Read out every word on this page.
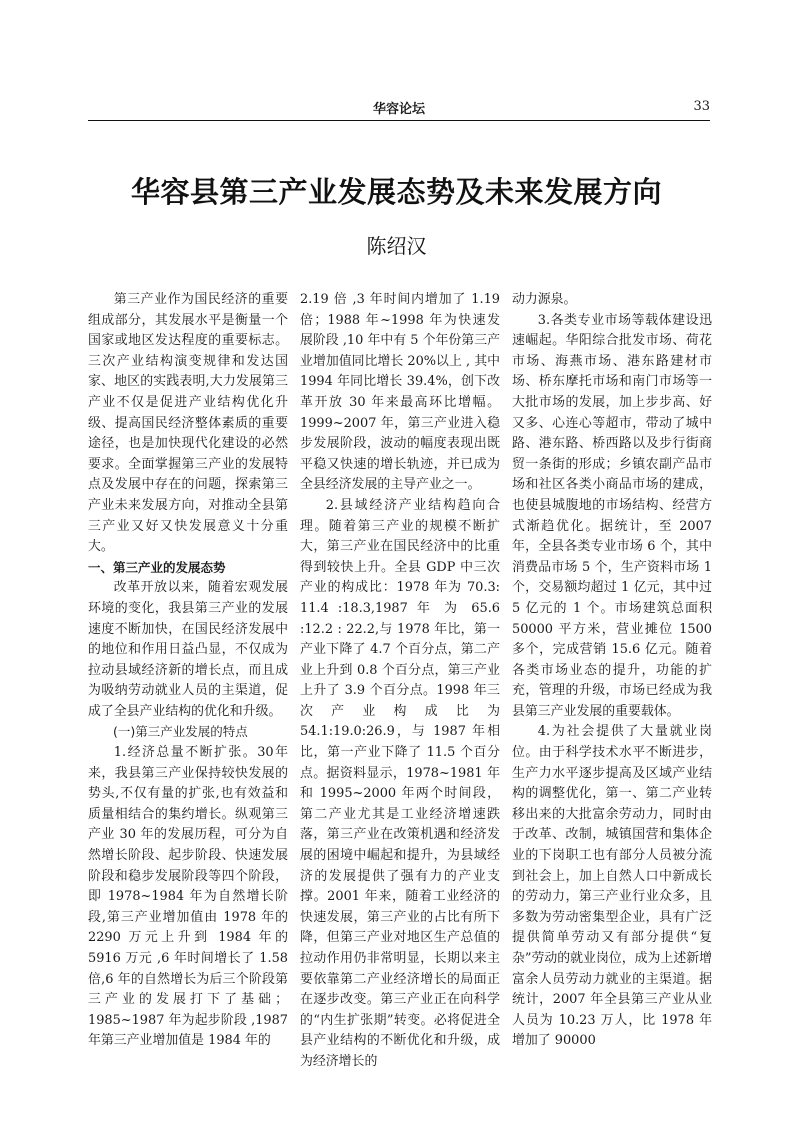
华容论坛	33
华容县第三产业发展态势及未来发展方向
陈绍汉

第三产业作为国民经济的重要组成部分，其发展水平是衡量一个国家或地区发达程度的重要标志。三次产业结构演变规律和发达国家、地区的实践表明,大力发展第三产业不仅是促进产业结构优化升级、提高国民经济整体素质的重要途径，也是加快现代化建设的必然要求。全面掌握第三产业的发展特点及发展中存在的问题，探索第三产业未来发展方向，对推动全县第三产业又好又快发展意义十分重大。

一、第三产业的发展态势

改革开放以来，随着宏观发展环境的变化，我县第三产业的发展速度不断加快，在国民经济发展中的地位和作用日益凸显，不仅成为拉动县域经济新的增长点，而且成为吸纳劳动就业人员的主渠道，促成了全县产业结构的优化和升级。

(一)第三产业发展的特点

1.经济总量不断扩张。30年来，我县第三产业保持较快发展的势头,不仅有量的扩张,也有效益和质量相结合的集约增长。纵观第三产业 30 年的发展历程，可分为自然增长阶段、起步阶段、快速发展阶段和稳步发展阶段等四个阶段，即 1978~1984 年为自然增长阶段,第三产业增加值由 1978 年的 2290 万元上升到 1984 年的 5916 万元 ,6 年时间增长了 1.58 倍,6 年的自然增长为后三个阶段第三产业的发展打下了基础；1985~1987 年为起步阶段 ,1987 年第三产业增加值是 1984 年的

2.19 倍 ,3 年时间内增加了 1.19 倍；1988 年~1998 年为快速发展阶段 ,10 年中有 5 个年份第三产业增加值同比增长 20%以上 , 其中 1994 年同比增长 39.4%，创下改革开放 30 年来最高环比增幅。1999~2007 年，第三产业进入稳步发展阶段，波动的幅度表现出既平稳又快速的增长轨迹，并已成为全县经济发展的主导产业之一。

2.县域经济产业结构趋向合理。随着第三产业的规模不断扩大，第三产业在国民经济中的比重得到较快上升。全县 GDP 中三次产业的构成比：1978 年为 70.3: 11.4 :18.3,1987 年 为 65.6 :12.2 : 22.2,与 1978 年比，第一产业下降了 4.7 个百分点，第二产业上升到 0.8 个百分点，第三产业上升了 3.9 个百分点。1998 年三次产业构成比为 54.1:19.0:26.9，与 1987 年相比，第一产业下降了 11.5 个百分点。据资料显示，1978~1981 年和 1995~2000 年两个时间段，第二产业尤其是工业经济增速跌落，第三产业在改策机遇和经济发展的困境中崛起和提升，为县域经济的发展提供了强有力的产业支撑。2001 年来，随着工业经济的快速发展，第三产业的占比有所下降，但第三产业对地区生产总值的拉动作用仍非常明显，长期以来主要依靠第二产业经济增长的局面正在逐步改变。第三产业正在向科学的“内生扩张期”转变。必将促进全县产业结构的不断优化和升级，成为经济增长的

动力源泉。

3.各类专业市场等载体建设迅速崛起。华阳综合批发市场、荷花市场、海燕市场、港东路建材市场、桥东摩托市场和南门市场等一大批市场的发展，加上步步高、好又多、心连心等超市，带动了城中路、港东路、桥西路以及步行街商贸一条街的形成；乡镇农副产品市场和社区各类小商品市场的建成，也使县城腹地的市场结构、经营方式渐趋优化。据统计，至 2007 年，全县各类专业市场 6 个，其中消费品市场 5 个，生产资料市场 1 个，交易额均超过 1 亿元，其中过 5 亿元的 1 个。市场建筑总面积 50000 平方米，营业摊位 1500 多个，完成营销 15.6 亿元。随着各类市场业态的提升，功能的扩充，管理的升级，市场已经成为我县第三产业发展的重要载体。

4.为社会提供了大量就业岗位。由于科学技术水平不断进步，生产力水平逐步提高及区域产业结构的调整优化，第一、第二产业转移出来的大批富余劳动力，同时由于改革、改制，城镇国营和集体企业的下岗职工也有部分人员被分流到社会上，加上自然人口中新成长的劳动力，第三产业行业众多，且多数为劳动密集型企业，具有广泛提供简单劳动又有部分提供“复杂”劳动的就业岗位，成为上述新增富余人员劳动力就业的主渠道。据统计，2007 年全县第三产业从业人员为 10.23 万人，比 1978 年增加了 90000
